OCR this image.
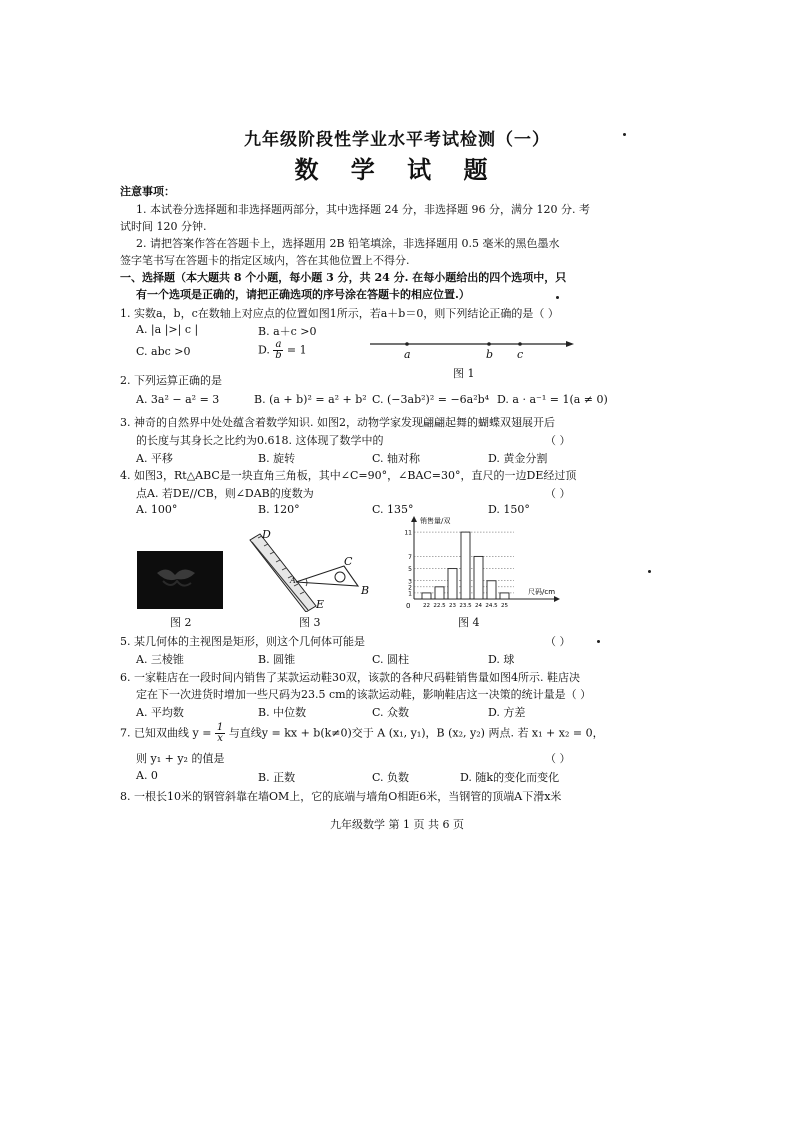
九年级阶段性学业水平考试检测（一）
数 学 试 题
注意事项：
1. 本试卷分选择题和非选择题两部分，其中选择题 24 分，非选择题 96 分，满分 120 分. 考
试时间 120 分钟.
2. 请把答案作答在答题卡上，选择题用 2B 铅笔填涂，非选择题用 0.5 毫米的黑色墨水
签字笔书写在答题卡的指定区域内，答在其他位置上不得分.
一、选择题（本大题共 8 个小题，每小题 3 分，共 24 分. 在每小题给出的四个选项中，只
有一个选项是正确的，请把正确选项的序号涂在答题卡的相应位置.）
1. 实数a，b，c在数轴上对应点的位置如图1所示，若a＋b＝0，则下列结论正确的是（ ）
A. |a |>| c |	B. a＋c >0
C. abc >0	D. $\frac{a}{b} = 1$	a	b c
图 1
2. 下列运算正确的是
A. 3a² − a² = 3	B. (a + b)² = a² + b² C. (−3ab²)² = −6a²b⁴ D. a · a⁻¹ = 1(a ≠ 0)
3. 神奇的自然界中处处蕴含着数学知识. 如图2，动物学家发现翩翩起舞的蝴蝶双翅展开后
的长度与其身长之比约为0.618. 这体现了数学中的	（ ）
A. 平移	B. 旋转	C. 轴对称	D. 黄金分割
4. 如图3，Rt△ABC是一块直角三角板，其中∠C=90°，∠BAC=30°，直尺的一边DE经过顶
点A. 若DE//CB，则∠DAB的度数为	（ ）
A. 100°	B. 120°	C. 135°	D. 150°
图 2
D
C
A
B
E
图 3
销售量/双
尺码/cm
0
1
2
3
5
7
11
22 22.5 23 23.5 24 24.5 25
图 4
5. 某几何体的主视图是矩形，则这个几何体可能是	（ ）
A. 三棱锥	B. 圆锥	C. 圆柱	D. 球
6. 一家鞋店在一段时间内销售了某款运动鞋30双，该款的各种尺码鞋销售量如图4所示. 鞋店决
定在下一次进货时增加一些尺码为23.5 cm的该款运动鞋，影响鞋店这一决策的统计量是（ ）
A. 平均数	B. 中位数	C. 众数	D. 方差
7. 已知双曲线 $y = \frac{1}{x}$ 与直线y = kx + b(k≠0)交于 A (x₁, y₁)，B (x₂, y₂) 两点. 若 x₁ + x₂ = 0，
则 y₁ + y₂ 的值是	（ ）
A. 0	B. 正数	C. 负数	D. 随k的变化而变化
8. 一根长10米的钢管斜靠在墙OM上，它的底端与墙角O相距6米，当钢管的顶端A下滑x米
九年级数学 第 1 页 共 6 页
